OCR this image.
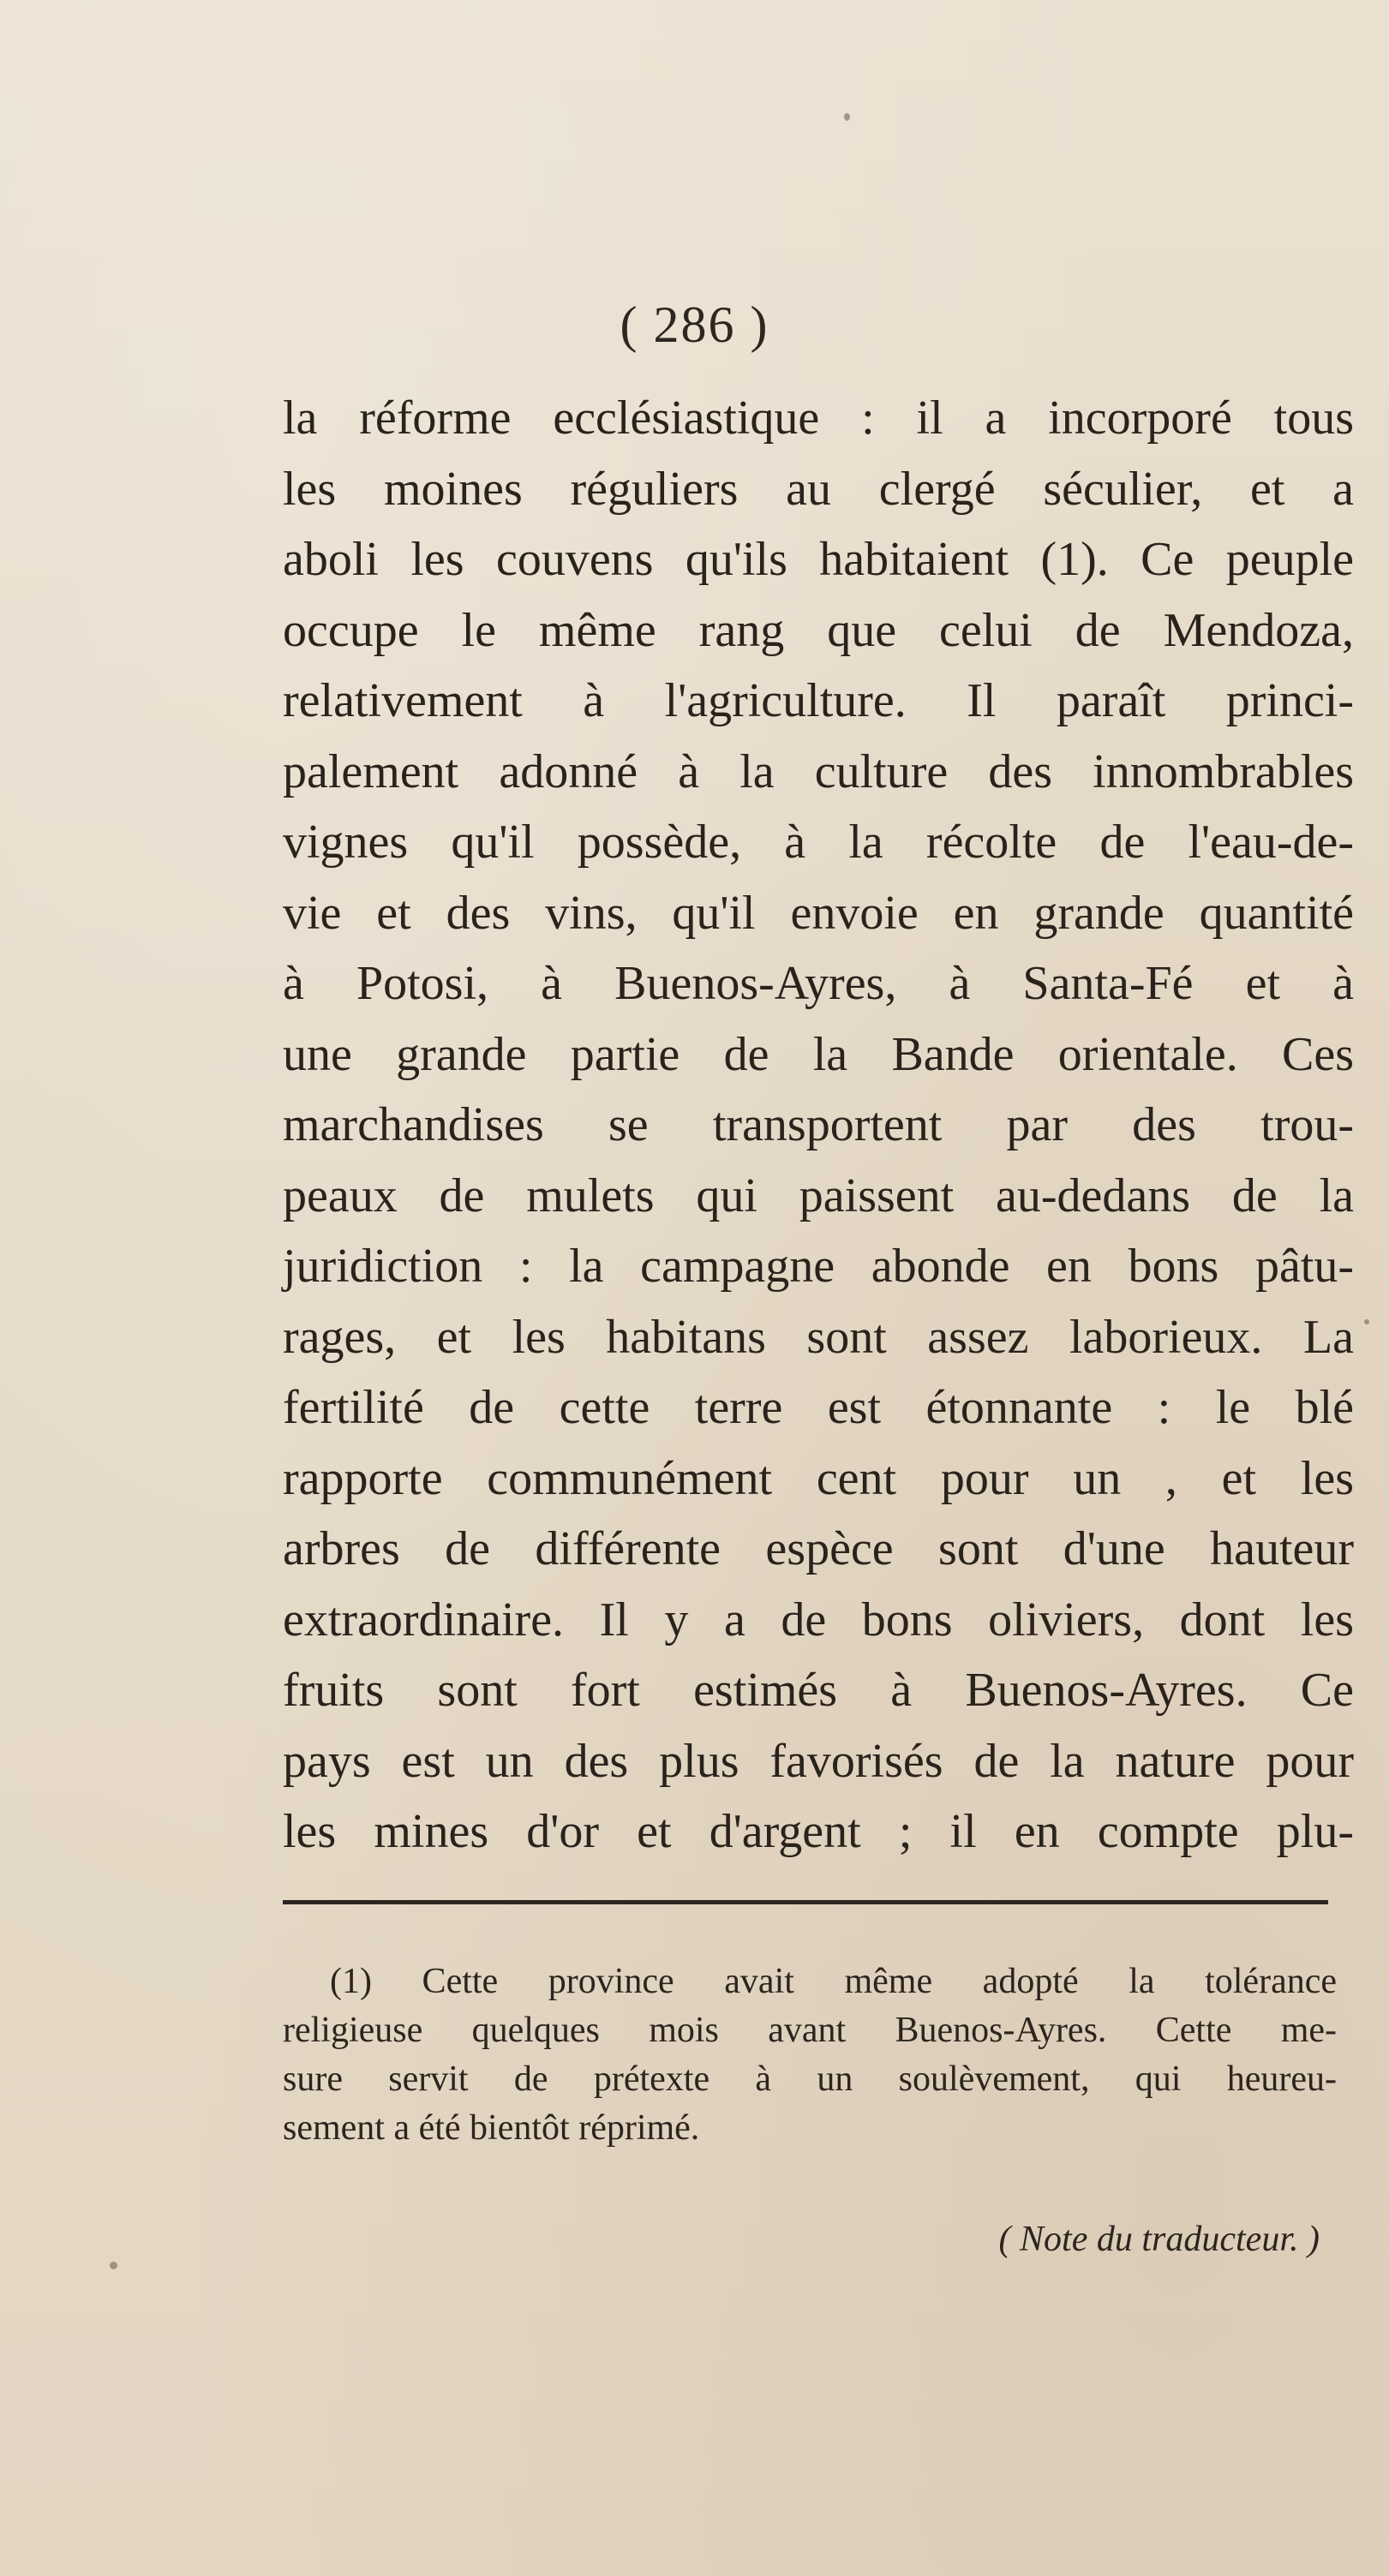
( 286 )
la réforme ecclésiastique : il a incorporé tous
les moines réguliers au clergé séculier, et a
aboli les couvens qu'ils habitaient (1). Ce peuple
occupe le même rang que celui de Mendoza,
relativement à l'agriculture. Il paraît princi-
palement adonné à la culture des innombrables
vignes qu'il possède, à la récolte de l'eau-de-
vie et des vins, qu'il envoie en grande quantité
à Potosi, à Buenos-Ayres, à Santa-Fé et à
une grande partie de la Bande orientale. Ces
marchandises se transportent par des trou-
peaux de mulets qui paissent au-dedans de la
juridiction : la campagne abonde en bons pâtu-
rages, et les habitans sont assez laborieux. La
fertilité de cette terre est étonnante : le blé
rapporte communément cent pour un , et les
arbres de différente espèce sont d'une hauteur
extraordinaire. Il y a de bons oliviers, dont les
fruits sont fort estimés à Buenos-Ayres. Ce
pays est un des plus favorisés de la nature pour
les mines d'or et d'argent ; il en compte plu-
(1) Cette province avait même adopté la tolérance
religieuse quelques mois avant Buenos-Ayres. Cette me-
sure servit de prétexte à un soulèvement, qui heureu-
sement a été bientôt réprimé.
( Note du traducteur. )
